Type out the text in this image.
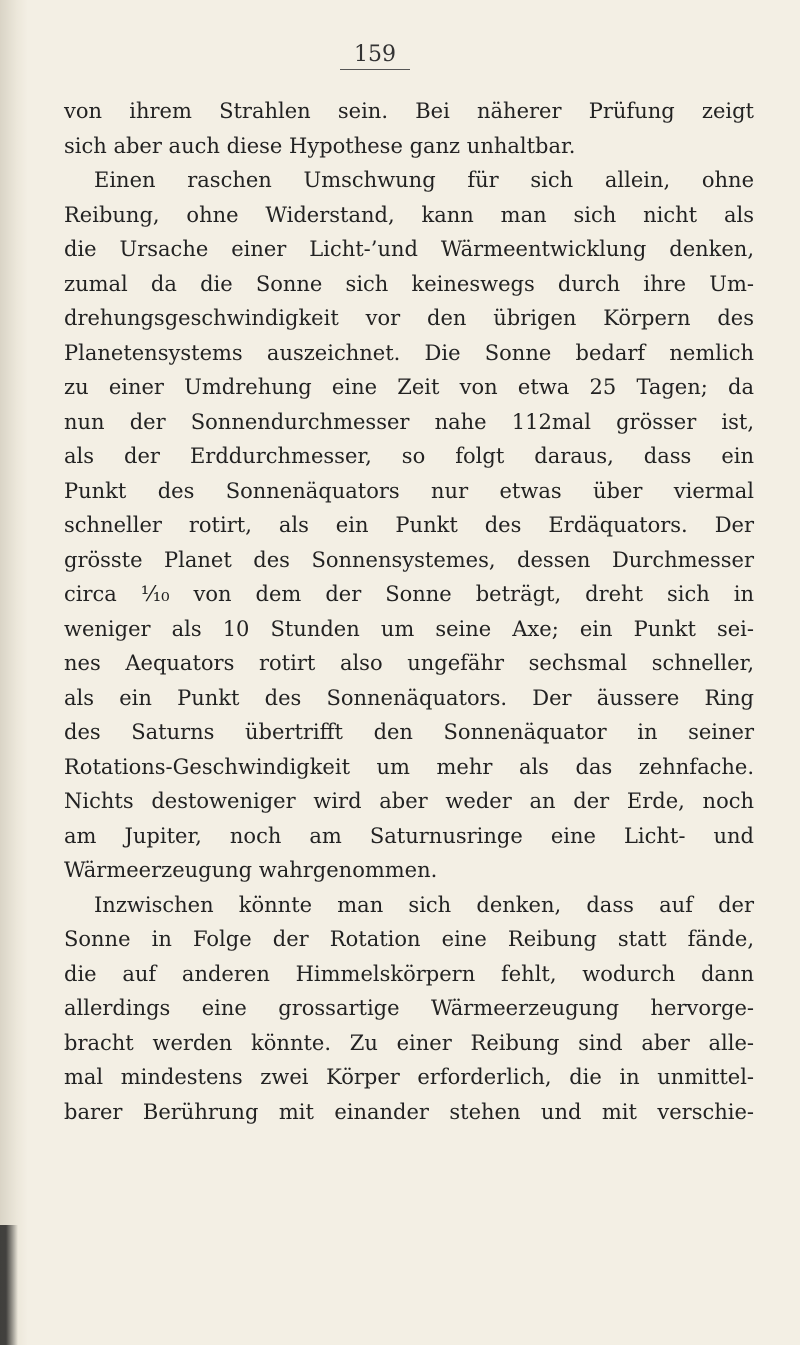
159
von ihrem Strahlen sein. Bei näherer Prüfung zeigt
sich aber auch diese Hypothese ganz unhaltbar.
Einen raschen Umschwung für sich allein, ohne
Reibung, ohne Widerstand, kann man sich nicht als
die Ursache einer Licht-’und Wärmeentwicklung denken,
zumal da die Sonne sich keineswegs durch ihre Um-
drehungsgeschwindigkeit vor den übrigen Körpern des
Planetensystems auszeichnet. Die Sonne bedarf nemlich
zu einer Umdrehung eine Zeit von etwa 25 Tagen; da
nun der Sonnendurchmesser nahe 112mal grösser ist,
als der Erddurchmesser, so folgt daraus, dass ein
Punkt des Sonnenäquators nur etwas über viermal
schneller rotirt, als ein Punkt des Erdäquators. Der
grösste Planet des Sonnensystemes, dessen Durchmesser
circa ¹⁄₁₀ von dem der Sonne beträgt, dreht sich in
weniger als 10 Stunden um seine Axe; ein Punkt sei-
nes Aequators rotirt also ungefähr sechsmal schneller,
als ein Punkt des Sonnenäquators. Der äussere Ring
des Saturns übertrifft den Sonnenäquator in seiner
Rotations-Geschwindigkeit um mehr als das zehnfache.
Nichts destoweniger wird aber weder an der Erde, noch
am Jupiter, noch am Saturnusringe eine Licht- und
Wärmeerzeugung wahrgenommen.
Inzwischen könnte man sich denken, dass auf der
Sonne in Folge der Rotation eine Reibung statt fände,
die auf anderen Himmelskörpern fehlt, wodurch dann
allerdings eine grossartige Wärmeerzeugung hervorge-
bracht werden könnte. Zu einer Reibung sind aber alle-
mal mindestens zwei Körper erforderlich, die in unmittel-
barer Berührung mit einander stehen und mit verschie-
